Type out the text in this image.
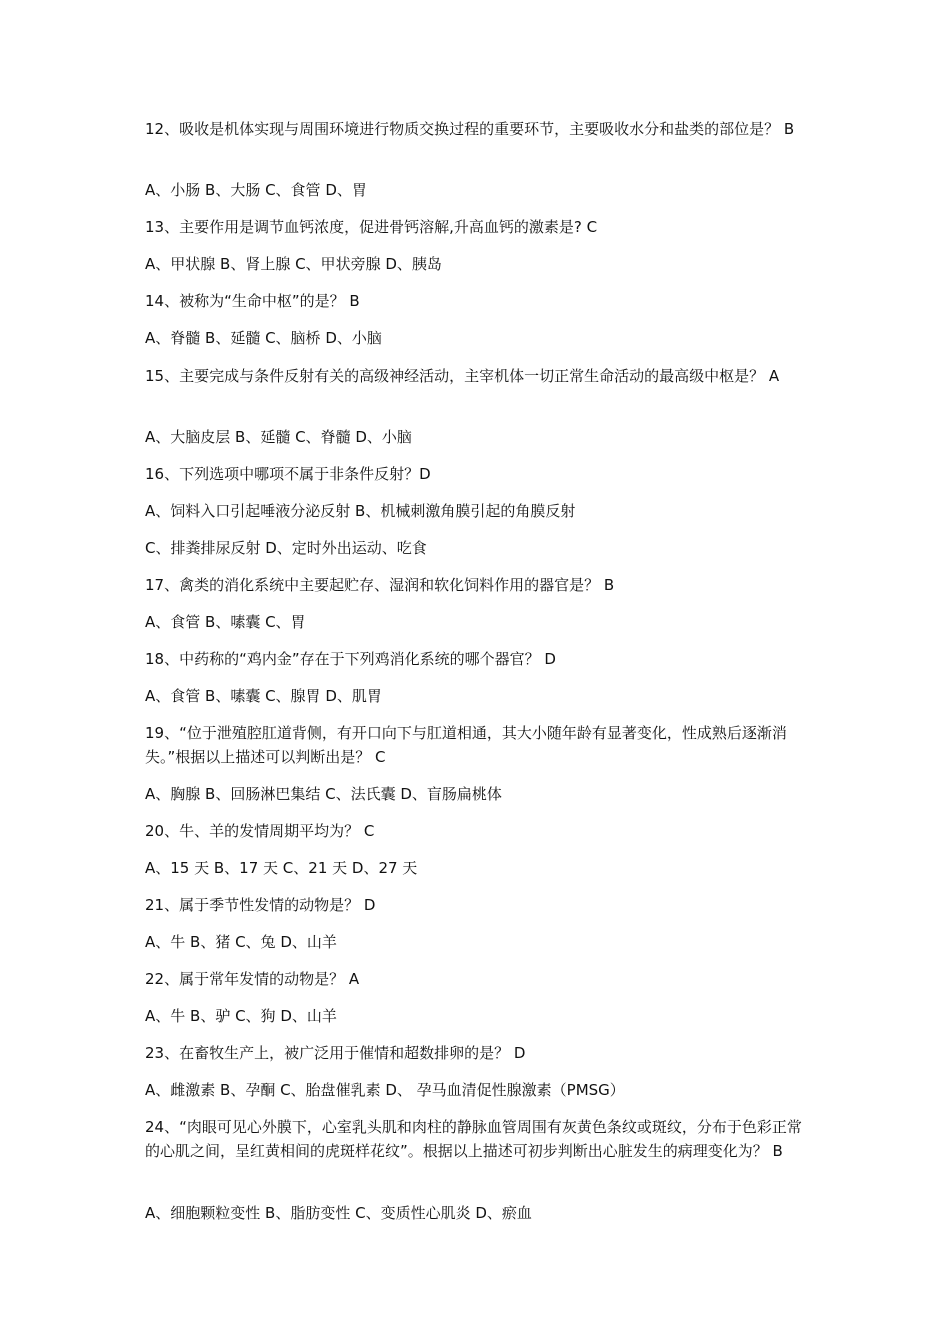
12、吸收是机体实现与周围环境进行物质交换过程的重要环节，主要吸收水分和盐类的部位是？ B
A、小肠 B、大肠 C、食管 D、胃
13、主要作用是调节血钙浓度，促进骨钙溶解,升高血钙的激素是? C
A、甲状腺 B、肾上腺 C、甲状旁腺 D、胰岛
14、被称为“生命中枢”的是？ B
A、脊髓 B、延髓 C、脑桥 D、小脑
15、主要完成与条件反射有关的高级神经活动，主宰机体一切正常生命活动的最高级中枢是？ A
A、大脑皮层 B、延髓 C、脊髓 D、小脑
16、下列选项中哪项不属于非条件反射？D
A、饲料入口引起唾液分泌反射 B、机械刺激角膜引起的角膜反射
C、排粪排尿反射 D、定时外出运动、吃食
17、禽类的消化系统中主要起贮存、湿润和软化饲料作用的器官是？ B
A、食管 B、嗉囊 C、胃
18、中药称的“鸡内金”存在于下列鸡消化系统的哪个器官？ D
A、食管 B、嗉囊 C、腺胃 D、肌胃
19、“位于泄殖腔肛道背侧，有开口向下与肛道相通，其大小随年龄有显著变化，性成熟后逐渐消失。”根据以上描述可以判断出是？ C
A、胸腺 B、回肠淋巴集结 C、法氏囊 D、盲肠扁桃体
20、牛、羊的发情周期平均为？ C
A、15 天 B、17 天 C、21 天 D、27 天
21、属于季节性发情的动物是？ D
A、牛 B、猪 C、兔 D、山羊
22、属于常年发情的动物是？ A
A、牛 B、驴 C、狗 D、山羊
23、在畜牧生产上，被广泛用于催情和超数排卵的是？ D
A、雌激素 B、孕酮 C、胎盘催乳素 D、 孕马血清促性腺激素（PMSG）
24、“肉眼可见心外膜下，心室乳头肌和肉柱的静脉血管周围有灰黄色条纹或斑纹，分布于色彩正常的心肌之间，呈红黄相间的虎斑样花纹”。根据以上描述可初步判断出心脏发生的病理变化为？ B
A、细胞颗粒变性 B、脂肪变性 C、变质性心肌炎 D、瘀血
